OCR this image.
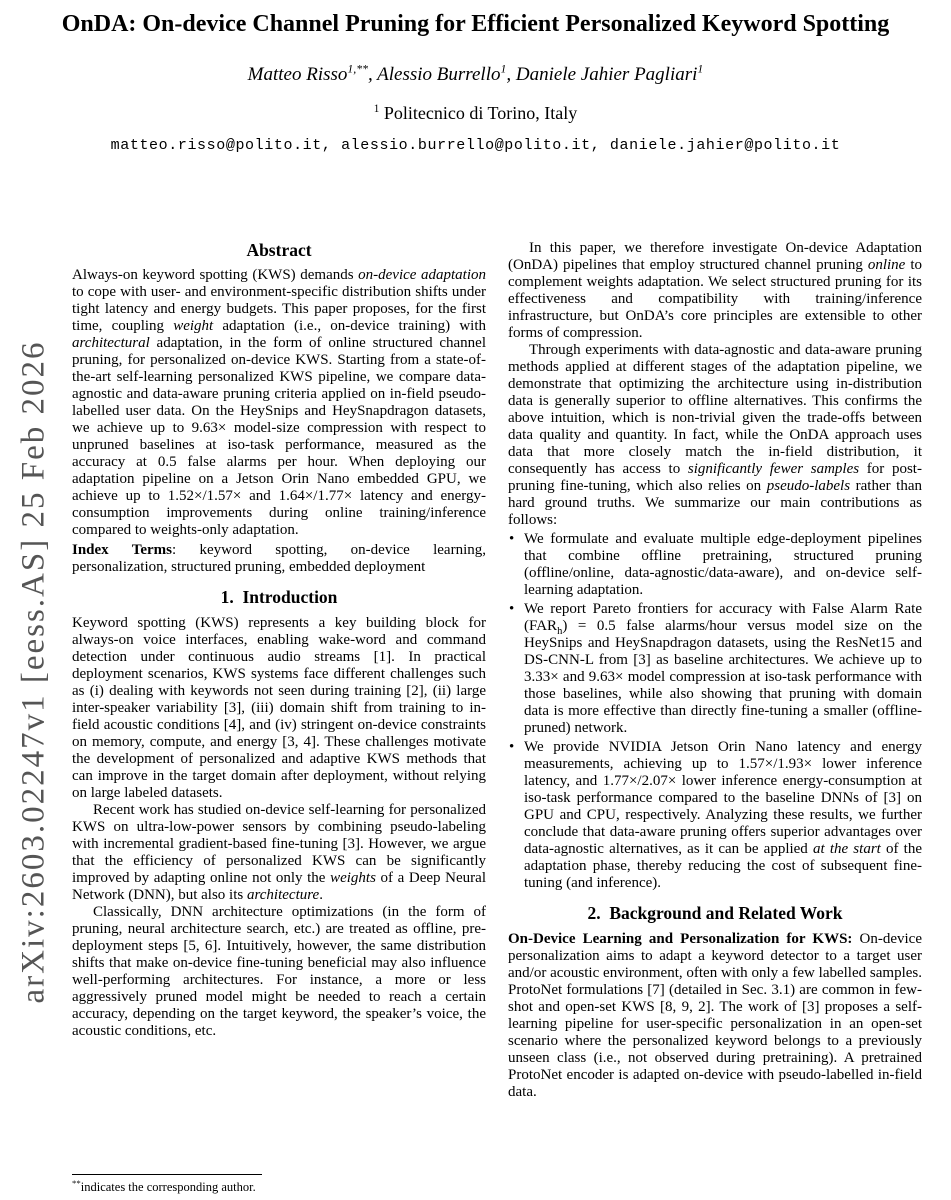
arXiv:2603.02247v1 [eess.AS] 25 Feb 2026
OnDA: On-device Channel Pruning for Efficient Personalized Keyword Spotting
Matteo Risso$^{1,**}$, Alessio Burrello$^1$, Daniele Jahier Pagliari$^1$
$^1$ Politecnico di Torino, Italy
matteo.risso@polito.it, alessio.burrello@polito.it, daniele.jahier@polito.it
Abstract

Always-on keyword spotting (KWS) demands on-device adaptation to cope with user- and environment-specific distribution shifts under tight latency and energy budgets. This paper proposes, for the first time, coupling weight adaptation (i.e., on-device training) with architectural adaptation, in the form of online structured channel pruning, for personalized on-device KWS. Starting from a state-of-the-art self-learning personalized KWS pipeline, we compare data-agnostic and data-aware pruning criteria applied on in-field pseudo-labelled user data. On the HeySnips and HeySnapdragon datasets, we achieve up to 9.63× model-size compression with respect to unpruned baselines at iso-task performance, measured as the accuracy at 0.5 false alarms per hour. When deploying our adaptation pipeline on a Jetson Orin Nano embedded GPU, we achieve up to 1.52×/1.57× and 1.64×/1.77× latency and energy-consumption improvements during online training/inference compared to weights-only adaptation.

Index Terms: keyword spotting, on-device learning, personalization, structured pruning, embedded deployment

1.  Introduction

Keyword spotting (KWS) represents a key building block for always-on voice interfaces, enabling wake-word and command detection under continuous audio streams [1]. In practical deployment scenarios, KWS systems face different challenges such as (i) dealing with keywords not seen during training [2], (ii) large inter-speaker variability [3], (iii) domain shift from training to in-field acoustic conditions [4], and (iv) stringent on-device constraints on memory, compute, and energy [3, 4]. These challenges motivate the development of personalized and adaptive KWS methods that can improve in the target domain after deployment, without relying on large labeled datasets.

Recent work has studied on-device self-learning for personalized KWS on ultra-low-power sensors by combining pseudo-labeling with incremental gradient-based fine-tuning [3]. However, we argue that the efficiency of personalized KWS can be significantly improved by adapting online not only the weights of a Deep Neural Network (DNN), but also its architecture.

Classically, DNN architecture optimizations (in the form of pruning, neural architecture search, etc.) are treated as offline, pre-deployment steps [5, 6]. Intuitively, however, the same distribution shifts that make on-device fine-tuning beneficial may also influence well-performing architectures. For instance, a more or less aggressively pruned model might be needed to reach a certain accuracy, depending on the target keyword, the speaker’s voice, the acoustic conditions, etc.

In this paper, we therefore investigate On-device Adaptation (OnDA) pipelines that employ structured channel pruning online to complement weights adaptation. We select structured pruning for its effectiveness and compatibility with training/inference infrastructure, but OnDA’s core principles are extensible to other forms of compression.

Through experiments with data-agnostic and data-aware pruning methods applied at different stages of the adaptation pipeline, we demonstrate that optimizing the architecture using in-distribution data is generally superior to offline alternatives. This confirms the above intuition, which is non-trivial given the trade-offs between data quality and quantity. In fact, while the OnDA approach uses data that more closely match the in-field distribution, it consequently has access to significantly fewer samples for post-pruning fine-tuning, which also relies on pseudo-labels rather than hard ground truths. We summarize our main contributions as follows:

• We formulate and evaluate multiple edge-deployment pipelines that combine offline pretraining, structured pruning (offline/online, data-agnostic/data-aware), and on-device self-learning adaptation.
• We report Pareto frontiers for accuracy with False Alarm Rate $(FAR_h) = 0.5$ false alarms/hour versus model size on the HeySnips and HeySnapdragon datasets, using the ResNet15 and DS-CNN-L from [3] as baseline architectures. We achieve up to 3.33× and 9.63× model compression at iso-task performance with those baselines, while also showing that pruning with domain data is more effective than directly fine-tuning a smaller (offline-pruned) network.
• We provide NVIDIA Jetson Orin Nano latency and energy measurements, achieving up to 1.57×/1.93× lower inference latency, and 1.77×/2.07× lower inference energy-consumption at iso-task performance compared to the baseline DNNs of [3] on GPU and CPU, respectively. Analyzing these results, we further conclude that data-aware pruning offers superior advantages over data-agnostic alternatives, as it can be applied at the start of the adaptation phase, thereby reducing the cost of subsequent fine-tuning (and inference).
2.  Background and Related Work

On-Device Learning and Personalization for KWS: On-device personalization aims to adapt a keyword detector to a target user and/or acoustic environment, often with only a few labelled samples. ProtoNet formulations [7] (detailed in Sec. 3.1) are common in few-shot and open-set KWS [8, 9, 2]. The work of [3] proposes a self-learning pipeline for user-specific personalization in an open-set scenario where the personalized keyword belongs to a previously unseen class (i.e., not observed during pretraining). A pretrained ProtoNet encoder is adapted on-device with pseudo-labelled in-field data.

**indicates the corresponding author.
